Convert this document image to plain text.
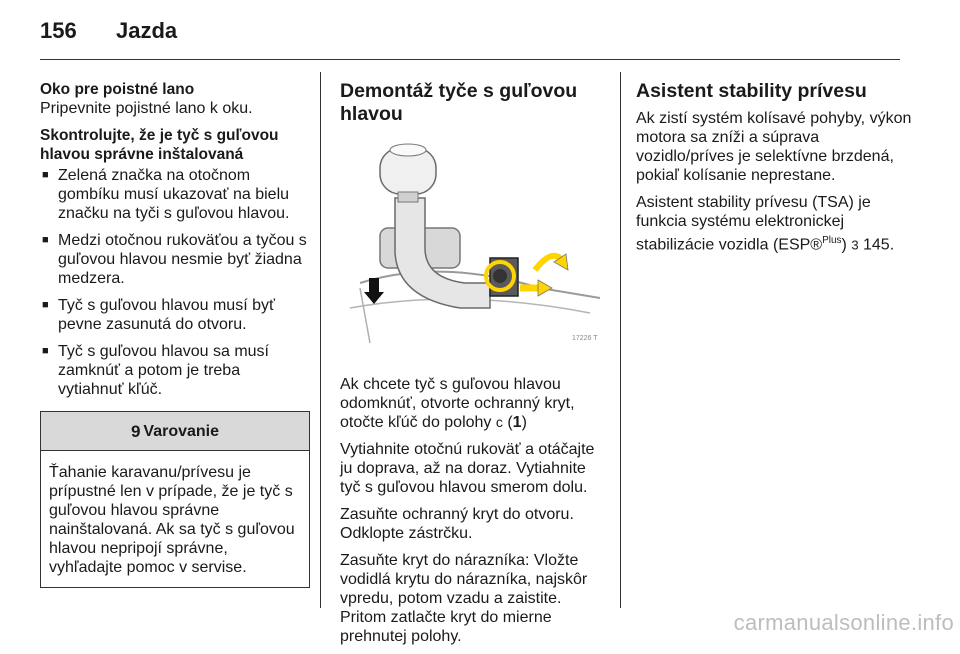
156 Jazda
Oko pre poistné lano

Pripevnite pojistné lano k oku.

Skontrolujte, že je tyč s guľovou hlavou správne inštalovaná
■ Zelená značka na otočnom gombíku musí ukazovať na bielu značku na tyči s guľovou hlavou.
■ Medzi otočnou rukoväťou a tyčou s guľovou hlavou nesmie byť žiadna medzera.
■ Tyč s guľovou hlavou musí byť pevne zasunutá do otvoru.
■ Tyč s guľovou hlavou sa musí zamknúť a potom je treba vytiahnuť kľúč.
9 Varovanie
Ťahanie karavanu/prívesu je prípustné len v prípade, že je tyč s guľovou hlavou správne nainštalovaná. Ak sa tyč s guľovou hlavou nepripojí správne, vyhľadajte pomoc v servise.
Demontáž tyče s guľovou hlavou
17226 T

Ak chcete tyč s guľovou hlavou odomknúť, otvorte ochranný kryt, otočte kľúč do polohy c (1)

Vytiahnite otočnú rukoväť a otáčajte ju doprava, až na doraz. Vytiahnite tyč s guľovou hlavou smerom dolu.

Zasuňte ochranný kryt do otvoru. Odklopte zástrčku.

Zasuňte kryt do nárazníka: Vložte vodidlá krytu do nárazníka, najskôr vpredu, potom vzadu a zaistite. Pritom zatlačte kryt do mierne prehnutej polohy.

Asistent stability prívesu

Ak zistí systém kolísavé pohyby, výkon motora sa zníži a súprava vozidlo/príves je selektívne brzdená, pokiaľ kolísanie neprestane.

Asistent stability prívesu (TSA) je funkcia systému elektronickej stabilizácie vozidla (ESP®$^{Plus}$) 3 145.

carmanualsonline.info
